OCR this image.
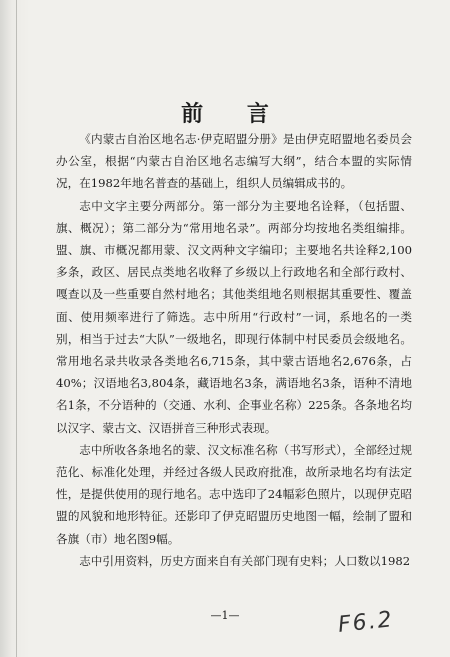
前 言

《内蒙古自治区地名志·伊克昭盟分册》是由伊克昭盟地名委员会办公室，根据“内蒙古自治区地名志编写大纲”，结合本盟的实际情况，在1982年地名普查的基础上，组织人员编辑成书的。

志中文字主要分两部分。第一部分为主要地名诠释，（包括盟、旗、概况）；第二部分为“常用地名录”。两部分均按地名类组编排。盟、旗、市概况都用蒙、汉文两种文字编印；主要地名共诠释2,100多条，政区、居民点类地名收释了乡级以上行政地名和全部行政村、嘎查以及一些重要自然村地名；其他类组地名则根据其重要性、覆盖面、使用频率进行了筛选。志中所用“行政村”一词，系地名的一类别，相当于过去“大队”一级地名，即现行体制中村民委员会级地名。常用地名录共收录各类地名6,715条，其中蒙古语地名2,676条，占40%；汉语地名3,804条，藏语地名3条，满语地名3条，语种不清地名1条，不分语种的（交通、水利、企事业名称）225条。各条地名均以汉字、蒙古文、汉语拼音三种形式表现。

志中所收各条地名的蒙、汉文标准名称（书写形式），全部经过规范化、标准化处理，并经过各级人民政府批准，故所录地名均有法定性，是提供使用的现行地名。志中选印了24幅彩色照片，以现伊克昭盟的风貌和地形特征。还影印了伊克昭盟历史地图一幅，绘制了盟和各旗（市）地名图9幅。

志中引用资料，历史方面来自有关部门现有史料；人口数以1982

—1—	F6.2
